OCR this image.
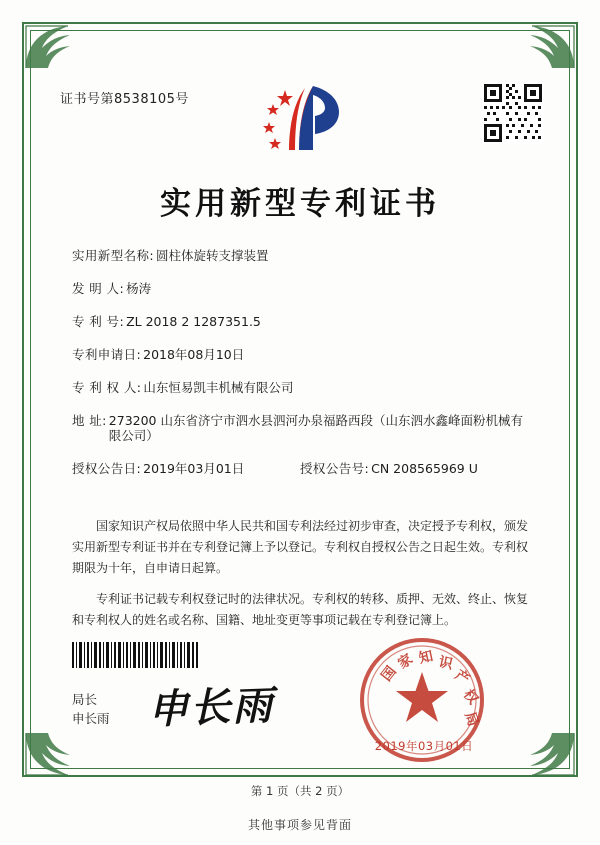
证书号第8538105号
实用新型专利证书
实用新型名称: 圆柱体旋转支撑装置
发 明 人: 杨涛
专 利 号: ZL 2018 2 1287351.5
专利申请日: 2018年08月10日
专 利 权 人: 山东恒易凯丰机械有限公司
地 址: 273200 山东省济宁市泗水县泗河办泉福路西段（山东泗水鑫峰面粉机械有限公司）
授权公告日: 2019年03月01日	授权公告号: CN 208565969 U

国家知识产权局依照中华人民共和国专利法经过初步审查，决定授予专利权，颁发实用新型专利证书并在专利登记簿上予以登记。专利权自授权公告之日起生效。专利权期限为十年，自申请日起算。

专利证书记载专利权登记时的法律状况。专利权的转移、质押、无效、终止、恢复和专利权人的姓名或名称、国籍、地址变更等事项记载在专利登记簿上。

局长
申长雨 申长雨
国
家 知 识
产
权
局
2019年03月01日
第 1 页（共 2 页）
其他事项参见背面
